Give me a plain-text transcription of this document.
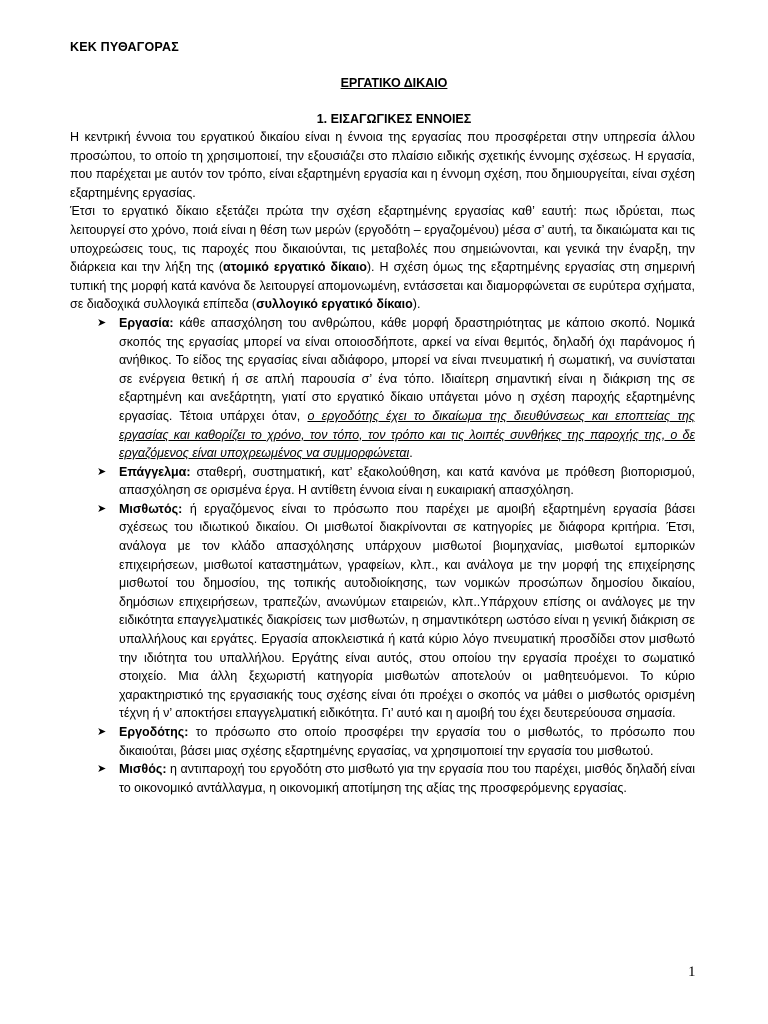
ΚΕΚ ΠΥΘΑΓΟΡΑΣ
ΕΡΓΑΤΙΚΟ ΔΙΚΑΙΟ
1. ΕΙΣΑΓΩΓΙΚΕΣ ΕΝΝΟΙΕΣ

Η κεντρική έννοια του εργατικού δικαίου είναι η έννοια της εργασίας που προσφέρεται στην υπηρεσία άλλου προσώπου, το οποίο τη χρησιμοποιεί, την εξουσιάζει στο πλαίσιο ειδικής σχετικής έννομης σχέσεως. Η εργασία, που παρέχεται με αυτόν τον τρόπο, είναι εξαρτημένη εργασία και η έννομη σχέση, που δημιουργείται, είναι σχέση εξαρτημένης εργασίας.

Έτσι το εργατικό δίκαιο εξετάζει πρώτα την σχέση εξαρτημένης εργασίας καθ’ εαυτή: πως ιδρύεται, πως λειτουργεί στο χρόνο, ποιά είναι η θέση των μερών (εργοδότη – εργαζομένου) μέσα σ’ αυτή, τα δικαιώματα και τις υποχρεώσεις τους, τις παροχές που δικαιούνται, τις μεταβολές που σημειώνονται, και γενικά την έναρξη, την διάρκεια και την λήξη της (ατομικό εργατικό δίκαιο). Η σχέση όμως της εξαρτημένης εργασίας στη σημερινή τυπική της μορφή κατά κανόνα δε λειτουργεί απομονωμένη, εντάσσεται και διαμορφώνεται σε ευρύτερα σχήματα, σε διαδοχικά συλλογικά επίπεδα (συλλογικό εργατικό δίκαιο).

➤ Εργασία: κάθε απασχόληση του ανθρώπου, κάθε μορφή δραστηριότητας με κάποιο σκοπό. Νομικά σκοπός της εργασίας μπορεί να είναι οποιοσδήποτε, αρκεί να είναι θεμιτός, δηλαδή όχι παράνομος ή ανήθικος. Το είδος της εργασίας είναι αδιάφορο, μπορεί να είναι πνευματική ή σωματική, να συνίσταται σε ενέργεια θετική ή σε απλή παρουσία σ’ ένα τόπο. Ιδιαίτερη σημαντική είναι η διάκριση της σε εξαρτημένη και ανεξάρτητη, γιατί στο εργατικό δίκαιο υπάγεται μόνο η σχέση παροχής εξαρτημένης εργασίας. Τέτοια υπάρχει όταν, ο εργοδότης έχει το δικαίωμα της διευθύνσεως και εποπτείας της εργασίας και καθορίζει το χρόνο, τον τόπο, τον τρόπο και τις λοιπές συνθήκες της παροχής της, ο δε εργαζόμενος είναι υποχρεωμένος να συμμορφώνεται.
➤ Επάγγελμα: σταθερή, συστηματική, κατ’ εξακολούθηση, και κατά κανόνα με πρόθεση βιοπορισμού, απασχόληση σε ορισμένα έργα. Η αντίθετη έννοια είναι η ευκαιριακή απασχόληση.
➤ Μισθωτός: ή εργαζόμενος είναι το πρόσωπο που παρέχει με αμοιβή εξαρτημένη εργασία βάσει σχέσεως του ιδιωτικού δικαίου. Οι μισθωτοί διακρίνονται σε κατηγορίες με διάφορα κριτήρια. Έτσι, ανάλογα με τον κλάδο απασχόλησης υπάρχουν μισθωτοί βιομηχανίας, μισθωτοί εμπορικών επιχειρήσεων, μισθωτοί καταστημάτων, γραφείων, κλπ., και ανάλογα με την μορφή της επιχείρησης μισθωτοί του δημοσίου, της τοπικής αυτοδιοίκησης, των νομικών προσώπων δημοσίου δικαίου, δημόσιων επιχειρήσεων, τραπεζών, ανωνύμων εταιρειών, κλπ..Υπάρχουν επίσης οι ανάλογες με την ειδικότητα επαγγελματικές διακρίσεις των μισθωτών, η σημαντικότερη ωστόσο είναι η γενική διάκριση σε υπαλλήλους και εργάτες. Εργασία αποκλειστικά ή κατά κύριο λόγο πνευματική προσδίδει στον μισθωτό την ιδιότητα του υπαλλήλου. Εργάτης είναι αυτός, στου οποίου την εργασία προέχει το σωματικό στοιχείο. Μια άλλη ξεχωριστή κατηγορία μισθωτών αποτελούν οι μαθητευόμενοι. Το κύριο χαρακτηριστικό της εργασιακής τους σχέσης είναι ότι προέχει ο σκοπός να μάθει ο μισθωτός ορισμένη τέχνη ή ν’ αποκτήσει επαγγελματική ειδικότητα. Γι’ αυτό και η αμοιβή του έχει δευτερεύουσα σημασία.
➤ Εργοδότης: το πρόσωπο στο οποίο προσφέρει την εργασία του ο μισθωτός, το πρόσωπο που δικαιούται, βάσει μιας σχέσης εξαρτημένης εργασίας, να χρησιμοποιεί την εργασία του μισθωτού.
➤ Μισθός: η αντιπαροχή του εργοδότη στο μισθωτό για την εργασία που του παρέχει, μισθός δηλαδή είναι το οικονομικό αντάλλαγμα, η οικονομική αποτίμηση της αξίας της προσφερόμενης εργασίας.
1
